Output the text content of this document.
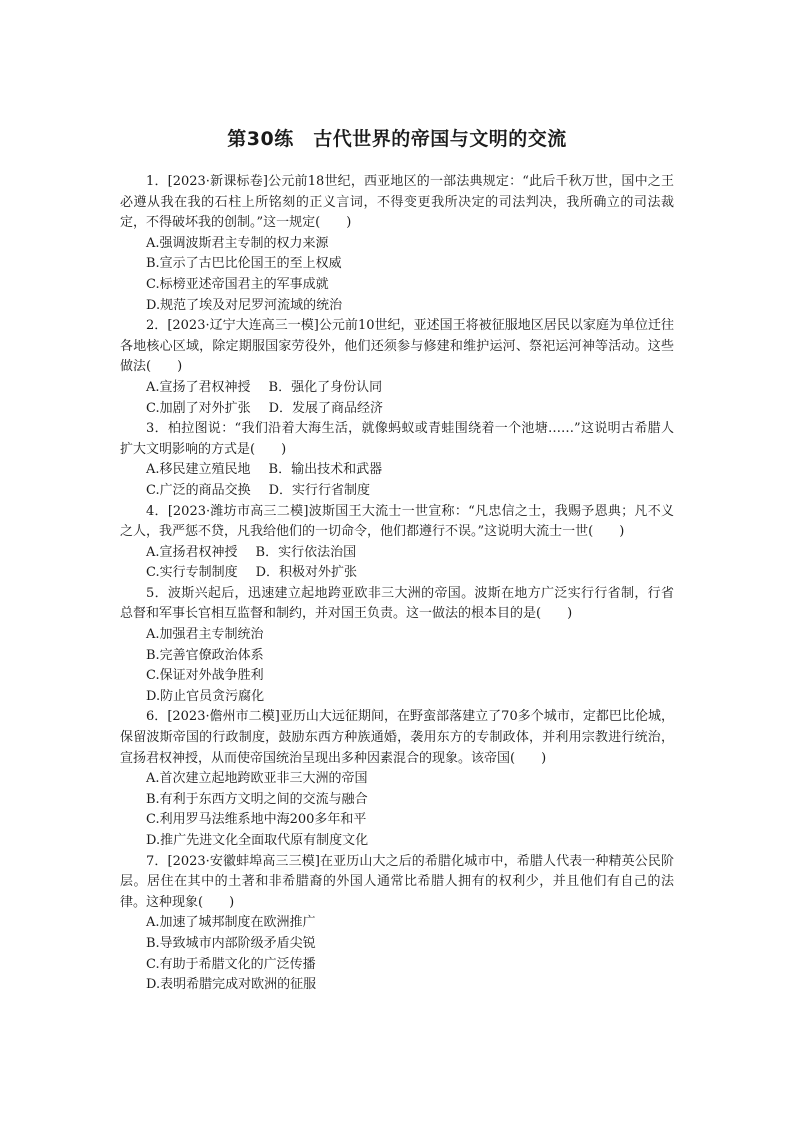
第30练　古代世界的帝国与文明的交流

1．[2023·新课标卷]公元前18世纪，西亚地区的一部法典规定：“此后千秋万世，国中之王必遵从我在我的石柱上所铭刻的正义言词，不得变更我所决定的司法判决，我所确立的司法裁定，不得破坏我的创制。”这一规定(　　)

A.强调波斯君主专制的权力来源

B.宣示了古巴比伦国王的至上权威

C.标榜亚述帝国君主的军事成就

D.规范了埃及对尼罗河流域的统治

2．[2023·辽宁大连高三一模]公元前10世纪，亚述国王将被征服地区居民以家庭为单位迁往各地核心区域，除定期服国家劳役外，他们还须参与修建和维护运河、祭祀运河神等活动。这些做法(　　)

A.宣扬了君权神授 B．强化了身份认同

C.加剧了对外扩张 D．发展了商品经济

3．柏拉图说：“我们沿着大海生活，就像蚂蚁或青蛙围绕着一个池塘……”这说明古希腊人扩大文明影响的方式是(　　)

A.移民建立殖民地 B．输出技术和武器

C.广泛的商品交换 D．实行行省制度

4．[2023·潍坊市高三二模]波斯国王大流士一世宣称：“凡忠信之士，我赐予恩典；凡不义之人，我严惩不贷，凡我给他们的一切命令，他们都遵行不误。”这说明大流士一世(　　)

A.宣扬君权神授 B．实行依法治国

C.实行专制制度 D．积极对外扩张

5．波斯兴起后，迅速建立起地跨亚欧非三大洲的帝国。波斯在地方广泛实行行省制，行省总督和军事长官相互监督和制约，并对国王负责。这一做法的根本目的是(　　)

A.加强君主专制统治

B.完善官僚政治体系

C.保证对外战争胜利

D.防止官员贪污腐化

6．[2023·儋州市二模]亚历山大远征期间，在野蛮部落建立了70多个城市，定都巴比伦城，保留波斯帝国的行政制度，鼓励东西方种族通婚，袭用东方的专制政体，并利用宗教进行统治，宣扬君权神授，从而使帝国统治呈现出多种因素混合的现象。该帝国(　　)

A.首次建立起地跨欧亚非三大洲的帝国

B.有利于东西方文明之间的交流与融合

C.利用罗马法维系地中海200多年和平

D.推广先进文化全面取代原有制度文化

7．[2023·安徽蚌埠高三三模]在亚历山大之后的希腊化城市中，希腊人代表一种精英公民阶层。居住在其中的土著和非希腊裔的外国人通常比希腊人拥有的权利少，并且他们有自己的法律。这种现象(　　)

A.加速了城邦制度在欧洲推广

B.导致城市内部阶级矛盾尖锐

C.有助于希腊文化的广泛传播

D.表明希腊完成对欧洲的征服
